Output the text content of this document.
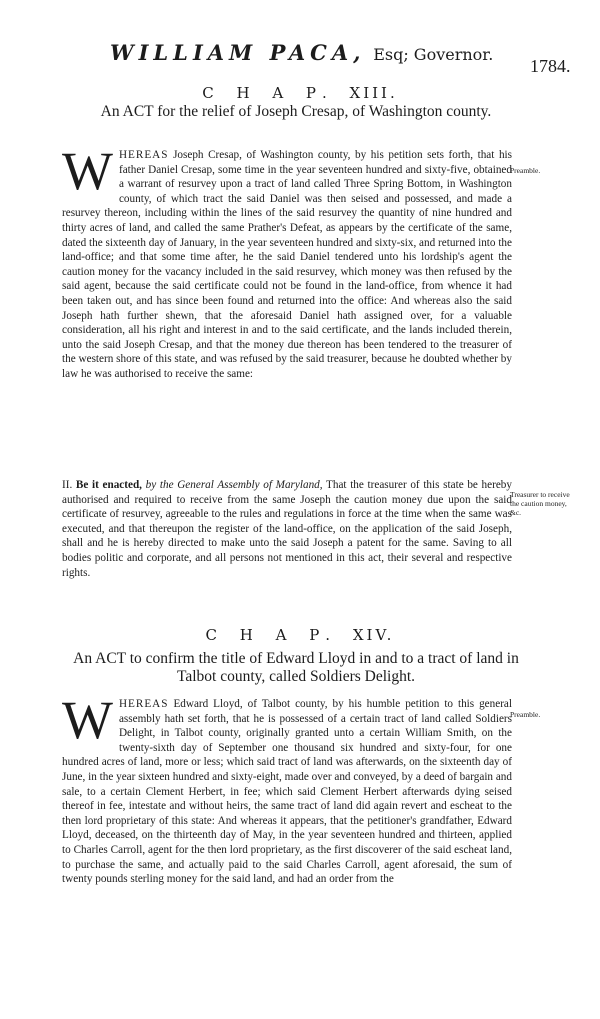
WILLIAM PACA, Esq; Governor.
1784.
C H A P. XIII.
An ACT for the relief of Joseph Cresap, of Washington county.
W HEREAS Joseph Cresap, of Washington county, by his petition sets forth, that his father Daniel Cresap, some time in the year seventeen hundred and sixty-five, obtained a warrant of resurvey upon a tract of land called Three Spring Bottom, in Washington county, of which tract the said Daniel was then seised and possessed, and made a resurvey thereon, including within the lines of the said resurvey the quantity of nine hundred and thirty acres of land, and called the same Prather's Defeat, as appears by the certificate of the same, dated the sixteenth day of January, in the year seventeen hundred and sixty-six, and returned into the land-office; and that some time after, he the said Daniel tendered unto his lordship's agent the caution money for the vacancy included in the said resurvey, which money was then refused by the said agent, because the said certificate could not be found in the land-office, from whence it had been taken out, and has since been found and returned into the office: And whereas also the said Joseph hath further shewn, that the aforesaid Daniel hath assigned over, for a valuable consideration, all his right and interest in and to the said certificate, and the lands included therein, unto the said Joseph Cresap, and that the money due thereon has been tendered to the treasurer of the western shore of this state, and was refused by the said treasurer, because he doubted whether by law he was authorised to receive the same:
Preamble.
II. Be it enacted, by the General Assembly of Maryland, That the treasurer of this state be hereby authorised and required to receive from the same Joseph the caution money due upon the said certificate of resurvey, agreeable to the rules and regulations in force at the time when the same was executed, and that thereupon the register of the land-office, on the application of the said Joseph, shall and he is hereby directed to make unto the said Joseph a patent for the same. Saving to all bodies politic and corporate, and all persons not mentioned in this act, their several and respective rights.
Treasurer to receive the caution money, &c.
C H A P. XIV.
An ACT to confirm the title of Edward Lloyd in and to a tract of land in Talbot county, called Soldiers Delight.
W HEREAS Edward Lloyd, of Talbot county, by his humble petition to this general assembly hath set forth, that he is possessed of a certain tract of land called Soldiers Delight, in Talbot county, originally granted unto a certain William Smith, on the twenty-sixth day of September one thousand six hundred and sixty-four, for one hundred acres of land, more or less; which said tract of land was afterwards, on the sixteenth day of June, in the year sixteen hundred and sixty-eight, made over and conveyed, by a deed of bargain and sale, to a certain Clement Herbert, in fee; which said Clement Herbert afterwards dying seised thereof in fee, intestate and without heirs, the same tract of land did again revert and escheat to the then lord proprietary of this state: And whereas it appears, that the petitioner's grandfather, Edward Lloyd, deceased, on the thirteenth day of May, in the year seventeen hundred and thirteen, applied to Charles Carroll, agent for the then lord proprietary, as the first discoverer of the said escheat land, to purchase the same, and actually paid to the said Charles Carroll, agent aforesaid, the sum of twenty pounds sterling money for the said land, and had an order from the
Preamble.
